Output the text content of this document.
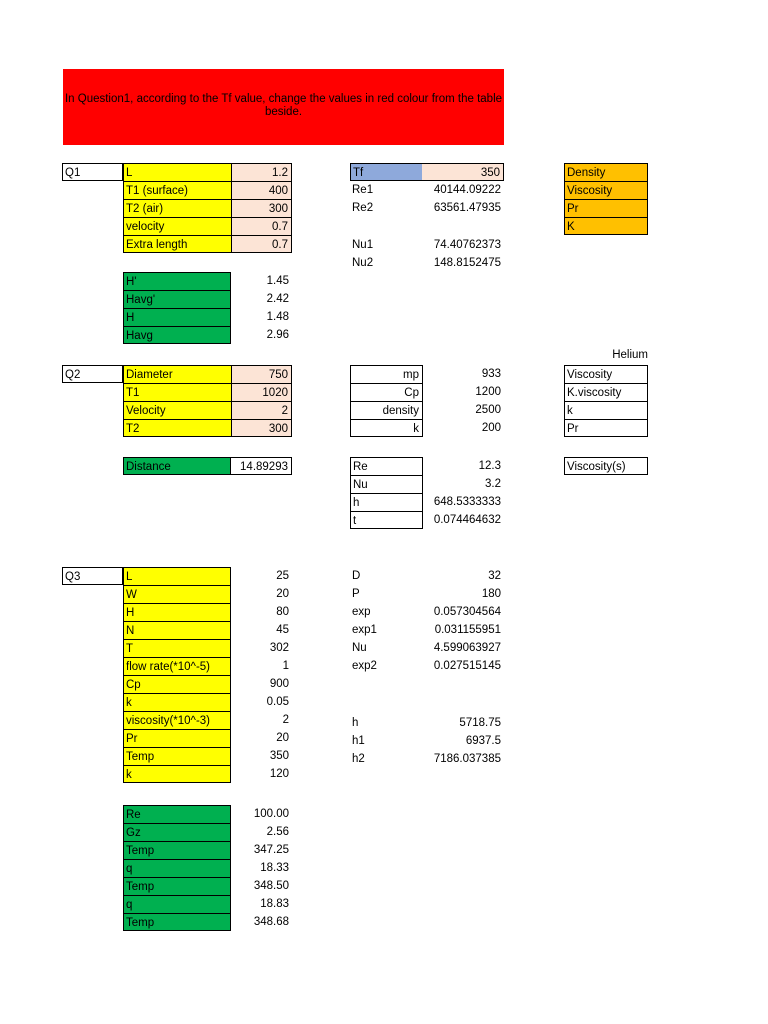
In Question1, according to the Tf value, change the values in red colour from the table beside.
Q1	L	1.2
T1 (surface)	400
T2 (air)	300
velocity	0.7
Extra length	0.7
H'	1.45
Havg'	2.42
H	1.48
Havg	2.96
Tf	350
Re1	40144.09222
Re2	63561.47935
Nu1	74.40762373
Nu2	148.8152475
Density
Viscosity
Pr
K
Helium
Q2	Diameter	750
T1	1020
Velocity	2
T2	300
Distance	14.89293
mp	933
Cp	1200
density	2500
k	200
Re	12.3
Nu	3.2
h	648.5333333
t	0.074464632
Viscosity
K.viscosity
k
Pr
Viscosity(s)
Q3	L	25
W	20
H	80
N	45
T	302
flow rate(*10^-5)	1
Cp	900
k	0.05
viscosity(*10^-3)	2
Pr	20
Temp	350
k	120
D	32
P	180
exp	0.057304564
exp1	0.031155951
Nu	4.599063927
exp2	0.027515145
h	5718.75
h1	6937.5
h2	7186.037385
Re	100.00
Gz	2.56
Temp	347.25
q	18.33
Temp	348.50
q	18.83
Temp	348.68
